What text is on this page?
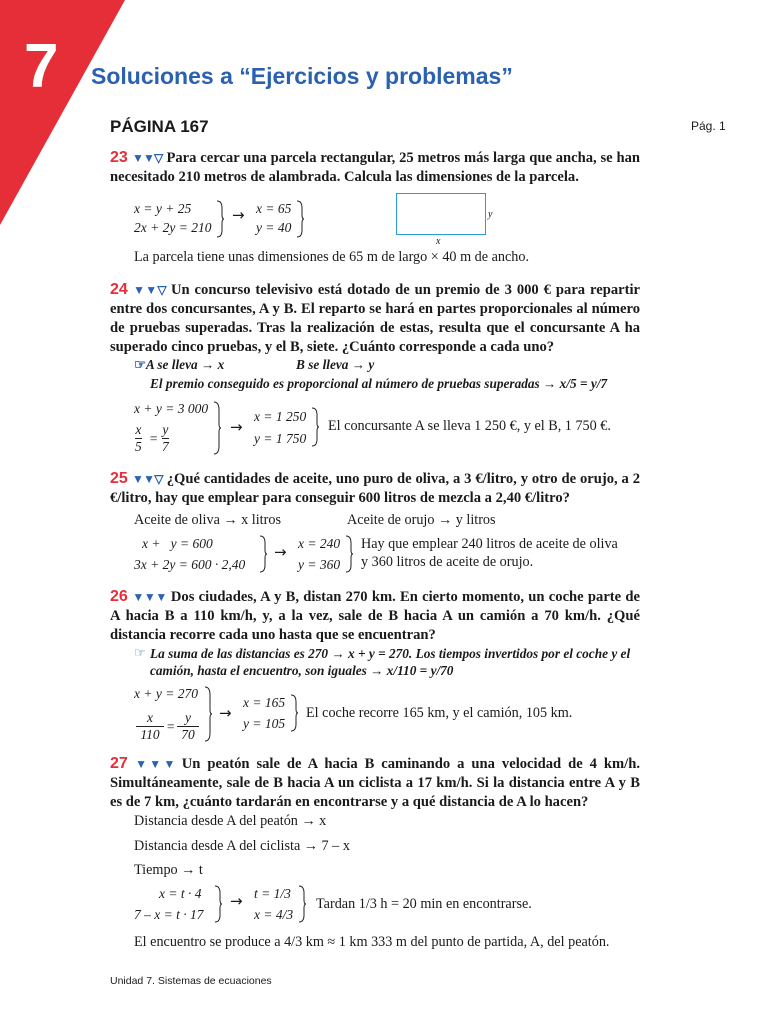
7 Soluciones a “Ejercicios y problemas”
PÁGINA 167	Pág. 1
23 ▼▼▽ Para cercar una parcela rectangular, 25 metros más larga que ancha, se han necesitado 210 metros de alambrada. Calcula las dimensiones de la parcela.
x = y + 25
2x + 2y = 210
→ x = 65
y = 40
y
x
La parcela tiene unas dimensiones de 65 m de largo × 40 m de ancho.
24 ▼▼▽ Un concurso televisivo está dotado de un premio de 3 000 € para repartir entre dos concursantes, A y B. El reparto se hará en partes proporcionales al número de pruebas superadas. Tras la realización de estas, resulta que el concursante A ha superado cinco pruebas, y el B, siete. ¿Cuánto corresponde a cada uno?
☞A se lleva → x	B se lleva → y
El premio conseguido es proporcional al número de pruebas superadas → x/5 = y/7
x + y = 3 000
x
5
=
y
7
→
x = 1 250
y = 1 750
El concursante A se lleva 1 250 €, y el B, 1 750 €.
25 ▼▼▽ ¿Qué cantidades de aceite, uno puro de oliva, a 3 €/litro, y otro de orujo, a 2 €/litro, hay que emplear para conseguir 600 litros de mezcla a 2,40 €/litro?
Aceite de oliva → x litros	Aceite de orujo → y litros
x +   y = 600
3x + 2y = 600 · 2,40
→ x = 240
y = 360
Hay que emplear 240 litros de aceite de oliva
y 360 litros de aceite de orujo.
26 ▼▼▼ Dos ciudades, A y B, distan 270 km. En cierto momento, un coche parte de A hacia B a 110 km/h, y, a la vez, sale de B hacia A un camión a 70 km/h. ¿Qué distancia recorre cada uno hasta que se encuentran?
☞ La suma de las distancias es 270 → x + y = 270. Los tiempos invertidos por el coche y el camión, hasta el encuentro, son iguales → x/110 = y/70
x + y = 270
x
110
=
y
70
→
x = 165
y = 105
El coche recorre 165 km, y el camión, 105 km.
27 ▼▼▼ Un peatón sale de A hacia B caminando a una velocidad de 4 km/h. Simultáneamente, sale de B hacia A un ciclista a 17 km/h. Si la distancia entre A y B es de 7 km, ¿cuánto tardarán en encontrarse y a qué distancia de A lo hacen?
Distancia desde A del peatón → x
Distancia desde A del ciclista → 7 – x
Tiempo → t
x = t · 4
7 – x = t · 17
→ t = 1/3
x = 4/3
Tardan 1/3 h = 20 min en encontrarse.
El encuentro se produce a 4/3 km ≈ 1 km 333 m del punto de partida, A, del peatón.
Unidad 7. Sistemas de ecuaciones
